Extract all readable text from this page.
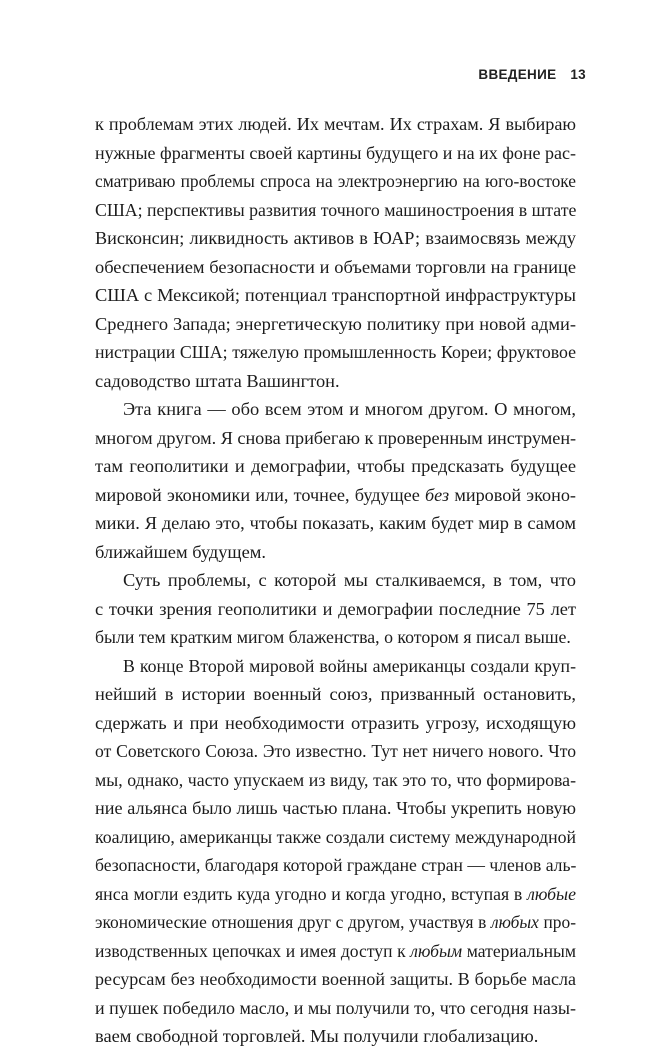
ВВЕДЕНИЕ 13
к проблемам этих людей. Их мечтам. Их страхам. Я выбираю
нужные фрагменты своей картины будущего и на их фоне рас-
сматриваю проблемы спроса на электроэнергию на юго-востоке
США; перспективы развития точного машиностроения в штате
Висконсин; ликвидность активов в ЮАР; взаимосвязь между
обеспечением безопасности и объемами торговли на границе
США с Мексикой; потенциал транспортной инфраструктуры
Среднего Запада; энергетическую политику при новой адми-
нистрации США; тяжелую промышленность Кореи; фруктовое
садоводство штата Вашингтон.
Эта книга — обо всем этом и многом другом. О многом,
многом другом. Я снова прибегаю к проверенным инструмен-
там геополитики и демографии, чтобы предсказать будущее
мировой экономики или, точнее, будущее без мировой эконо-
мики. Я делаю это, чтобы показать, каким будет мир в самом
ближайшем будущем.
Суть проблемы, с которой мы сталкиваемся, в том, что
с точки зрения геополитики и демографии последние 75 лет
были тем кратким мигом блаженства, о котором я писал выше.
В конце Второй мировой войны американцы создали круп-
нейший в истории военный союз, призванный остановить,
сдержать и при необходимости отразить угрозу, исходящую
от Советского Союза. Это известно. Тут нет ничего нового. Что
мы, однако, часто упускаем из виду, так это то, что формирова-
ние альянса было лишь частью плана. Чтобы укрепить новую
коалицию, американцы также создали систему международной
безопасности, благодаря которой граждане стран — членов аль-
янса могли ездить куда угодно и когда угодно, вступая в любые
экономические отношения друг с другом, участвуя в любых про-
изводственных цепочках и имея доступ к любым материальным
ресурсам без необходимости военной защиты. В борьбе масла
и пушек победило масло, и мы получили то, что сегодня назы-
ваем свободной торговлей. Мы получили глобализацию.
